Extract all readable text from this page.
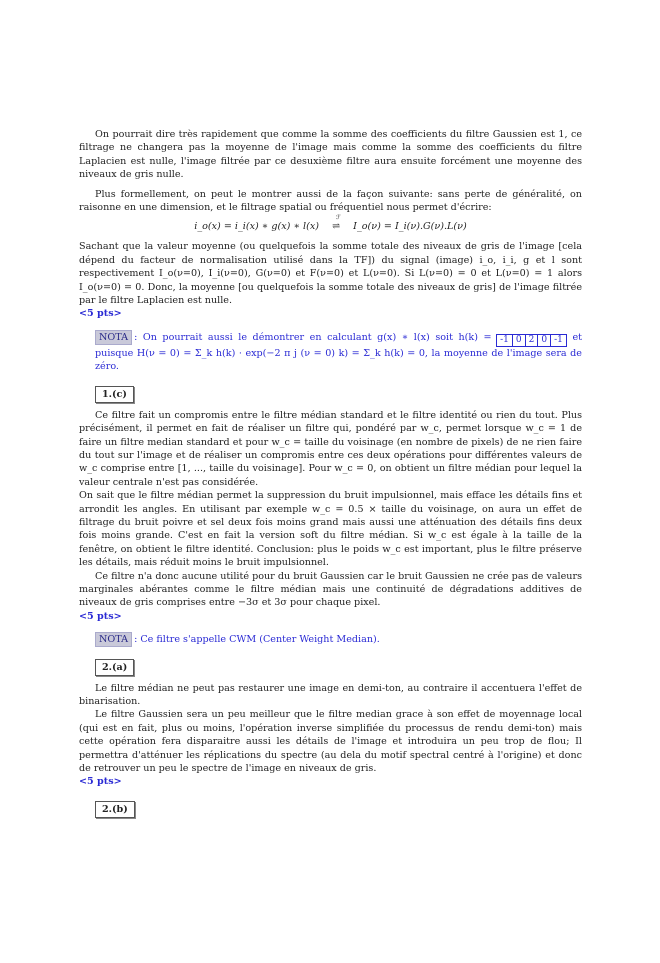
On pourrait dire très rapidement que comme la somme des coefficients du filtre Gaussien est 1, ce filtrage ne changera pas la moyenne de l'image mais comme la somme des coefficients du filtre Laplacien est nulle, l'image filtrée par ce desuxième filtre aura ensuite forcément une moyenne des niveaux de gris nulle.

Plus formellement, on peut le montrer aussi de la façon suivante: sans perte de généralité, on raisonne en une dimension, et le filtrage spatial ou fréquentiel nous permet d'écrire:

i_o(x) = i_i(x) ∗ g(x) ∗ l(x)
ℱ
⇌ I_o(ν) = I_i(ν).G(ν).L(ν)

Sachant que la valeur moyenne (ou quelquefois la somme totale des niveaux de gris de l'image [cela dépend du facteur de normalisation utilisé dans la TF]) du signal (image) i_o, i_i, g et l sont respectivement I_o(ν=0), I_i(ν=0), G(ν=0) et F(ν=0) et L(ν=0). Si L(ν=0) = 0 et L(ν=0) = 1 alors I_o(ν=0) = 0. Donc, la moyenne [ou quelquefois la somme totale des niveaux de gris] de l'image filtrée par le filtre Laplacien est nulle.

<5 pts>
NOTA : On pourrait aussi le démontrer en calculant g(x) ∗ l(x) soit h(k) = -1 0 2 0 -1 et puisque H(ν = 0) = Σ_k h(k) · exp(−2 π j (ν = 0) k) = Σ_k h(k) = 0, la moyenne de l'image sera de zéro.
1.(c)

Ce filtre fait un compromis entre le filtre médian standard et le filtre identité ou rien du tout. Plus précisément, il permet en fait de réaliser un filtre qui, pondéré par w_c, permet lorsque w_c = 1 de faire un filtre median standard et pour w_c = taille du voisinage (en nombre de pixels) de ne rien faire du tout sur l'image et de réaliser un compromis entre ces deux opérations pour différentes valeurs de w_c comprise entre [1, ..., taille du voisinage]. Pour w_c = 0, on obtient un filtre médian pour lequel la valeur centrale n'est pas considérée.

On sait que le filtre médian permet la suppression du bruit impulsionnel, mais efface les détails fins et arrondit les angles. En utilisant par exemple w_c = 0.5 × taille du voisinage, on aura un effet de filtrage du bruit poivre et sel deux fois moins grand mais aussi une atténuation des détails fins deux fois moins grande. C'est en fait la version soft du filtre médian. Si w_c est égale à la taille de la fenêtre, on obtient le filtre identité. Conclusion: plus le poids w_c est important, plus le filtre préserve les détails, mais réduit moins le bruit impulsionnel.

Ce filtre n'a donc aucune utilité pour du bruit Gaussien car le bruit Gaussien ne crée pas de valeurs marginales abérantes comme le filtre médian mais une continuité de dégradations additives de niveaux de gris comprises entre −3σ et 3σ pour chaque pixel.

<5 pts>
NOTA : Ce filtre s'appelle CWM (Center Weight Median).
2.(a)

Le filtre médian ne peut pas restaurer une image en demi-ton, au contraire il accentuera l'effet de binarisation.

Le filtre Gaussien sera un peu meilleur que le filtre median grace à son effet de moyennage local (qui est en fait, plus ou moins, l'opération inverse simplifiée du processus de rendu demi-ton) mais cette opération fera disparaitre aussi les détails de l'image et introduira un peu trop de flou; Il permettra d'atténuer les réplications du spectre (au dela du motif spectral centré à l'origine) et donc de retrouver un peu le spectre de l'image en niveaux de gris.

<5 pts>
2.(b)
